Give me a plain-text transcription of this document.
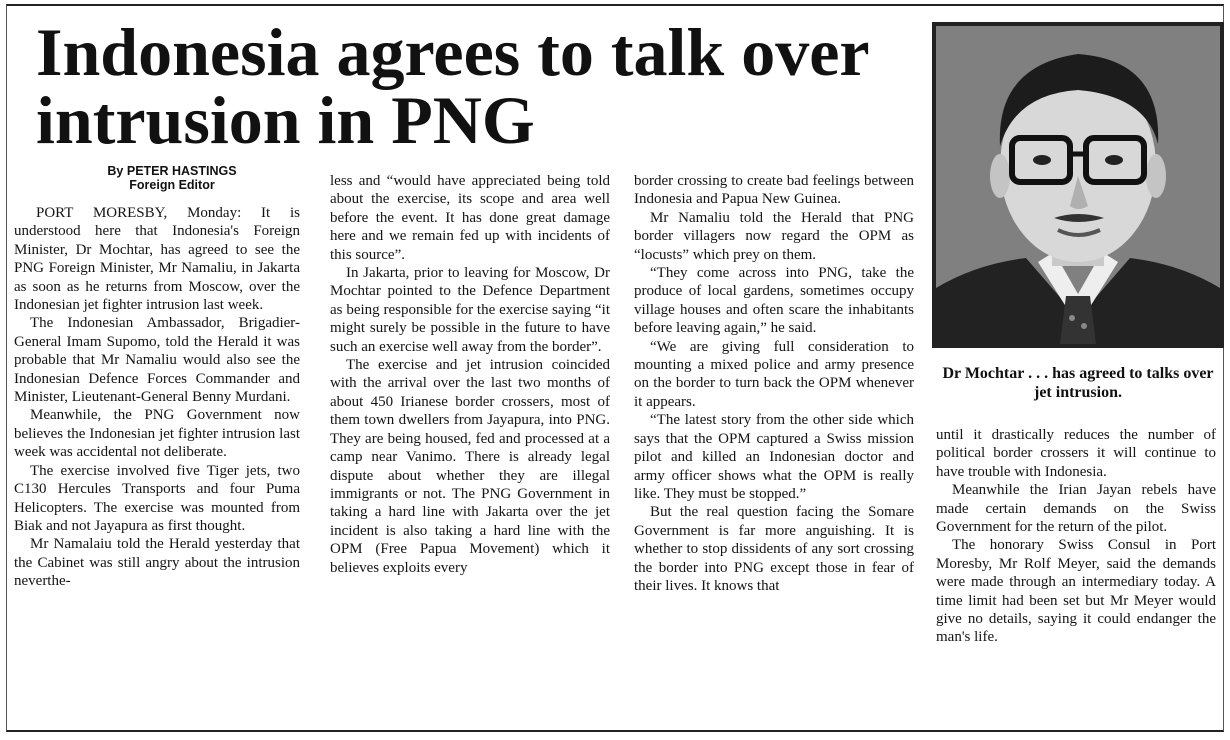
Indonesia agrees to talk over intrusion in PNG
By PETER HASTINGS
Foreign Editor

PORT MORESBY, Monday: It is understood here that Indonesia's Foreign Minister, Dr Mochtar, has agreed to see the PNG Foreign Minister, Mr Namaliu, in Jakarta as soon as he returns from Moscow, over the Indonesian jet fighter intrusion last week.

The Indonesian Ambassador, Brigadier-General Imam Supomo, told the Herald it was probable that Mr Namaliu would also see the Indonesian Defence Forces Commander and Minister, Lieutenant-General Benny Murdani.

Meanwhile, the PNG Government now believes the Indonesian jet fighter intrusion last week was accidental not deliberate.

The exercise involved five Tiger jets, two C130 Hercules Transports and four Puma Helicopters. The exercise was mounted from Biak and not Jayapura as first thought.

Mr Namalaiu told the Herald yesterday that the Cabinet was still angry about the intrusion neverthe-

less and “would have appreciated being told about the exercise, its scope and area well before the event. It has done great damage here and we remain fed up with incidents of this source”.

In Jakarta, prior to leaving for Moscow, Dr Mochtar pointed to the Defence Department as being responsible for the exercise saying “it might surely be possible in the future to have such an exercise well away from the border”.

The exercise and jet intrusion coincided with the arrival over the last two months of about 450 Irianese border crossers, most of them town dwellers from Jayapura, into PNG. They are being housed, fed and processed at a camp near Vanimo. There is already legal dispute about whether they are illegal immigrants or not. The PNG Government in taking a hard line with Jakarta over the jet incident is also taking a hard line with the OPM (Free Papua Movement) which it believes exploits every

border crossing to create bad feelings between Indonesia and Papua New Guinea.

Mr Namaliu told the Herald that PNG border villagers now regard the OPM as “locusts” which prey on them.

“They come across into PNG, take the produce of local gardens, sometimes occupy village houses and often scare the inhabitants before leaving again,” he said.

“We are giving full consideration to mounting a mixed police and army presence on the border to turn back the OPM whenever it appears.

“The latest story from the other side which says that the OPM captured a Swiss mission pilot and killed an Indonesian doctor and army officer shows what the OPM is really like. They must be stopped.”

But the real question facing the Somare Government is far more anguishing. It is whether to stop dissidents of any sort crossing the border into PNG except those in fear of their lives. It knows that

Dr Mochtar . . . has agreed to talks over jet intrusion.

until it drastically reduces the number of political border crossers it will continue to have trouble with Indonesia.

Meanwhile the Irian Jayan rebels have made certain demands on the Swiss Government for the return of the pilot.

The honorary Swiss Consul in Port Moresby, Mr Rolf Meyer, said the demands were made through an intermediary today. A time limit had been set but Mr Meyer would give no details, saying it could endanger the man's life.
